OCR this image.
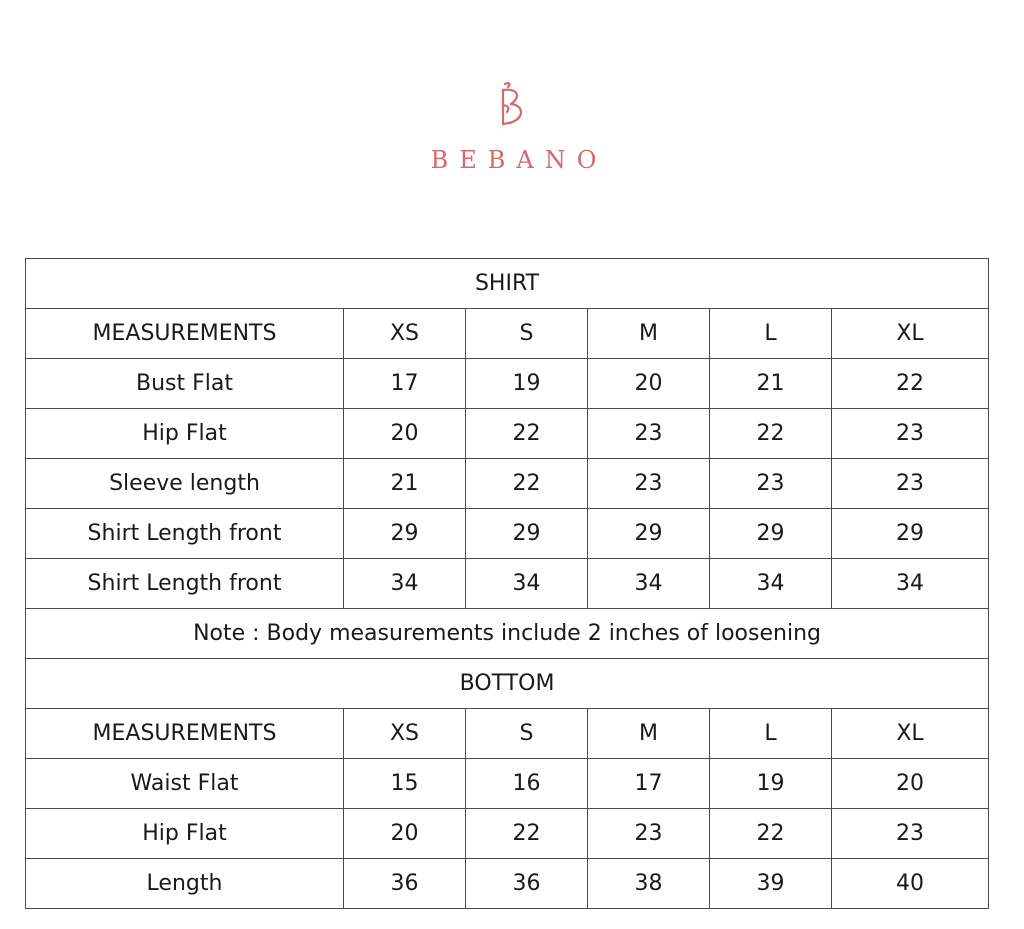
BEBANO
SHIRT					
MEASUREMENTS	XS	S	M	L	XL
Bust Flat	17	19	20	21	22
Hip Flat	20	22	23	22	23
Sleeve length	21	22	23	23	23
Shirt Length front	29	29	29	29	29
Shirt Length front	34	34	34	34	34
Note : Body measurements include 2 inches of loosening					
BOTTOM					
MEASUREMENTS	XS	S	M	L	XL
Waist Flat	15	16	17	19	20
Hip Flat	20	22	23	22	23
Length	36	36	38	39	40
